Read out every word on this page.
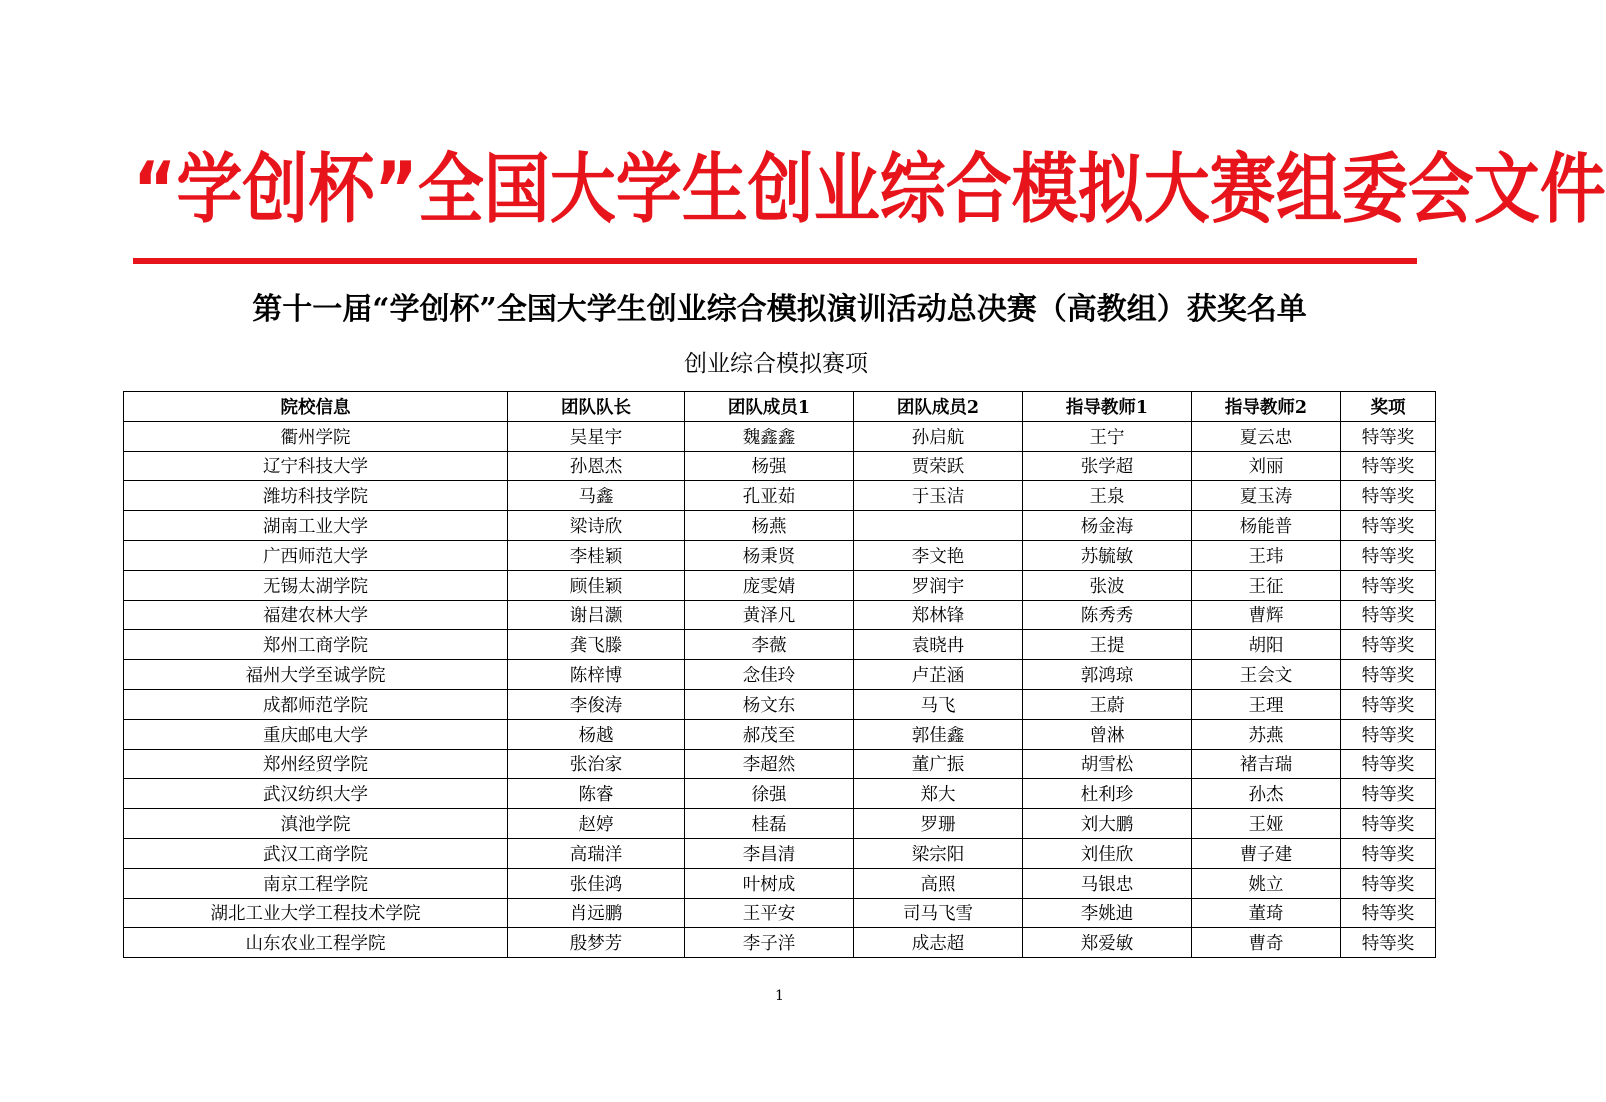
“ 学 创 杯 ” 全 国 大 学 生 创 业 综 合 模 拟 大 赛 组 委 会 文 件
第十一届“学创杯”全国大学生创业综合模拟演训活动总决赛（高教组）获奖名单
创业综合模拟赛项
院校信息	团队队长	团队成员1	团队成员2	指导教师1	指导教师2	奖项
衢州学院	吴星宇	魏鑫鑫	孙启航	王宁	夏云忠	特等奖
辽宁科技大学	孙恩杰	杨强	贾荣跃	张学超	刘丽	特等奖
潍坊科技学院	马鑫	孔亚茹	于玉洁	王泉	夏玉涛	特等奖
湖南工业大学	梁诗欣	杨燕		杨金海	杨能普	特等奖
广西师范大学	李桂颖	杨秉贤	李文艳	苏毓敏	王玮	特等奖
无锡太湖学院	顾佳颖	庞雯婧	罗润宇	张波	王征	特等奖
福建农林大学	谢吕灏	黄泽凡	郑林锋	陈秀秀	曹辉	特等奖
郑州工商学院	龚飞滕	李薇	袁晓冉	王提	胡阳	特等奖
福州大学至诚学院	陈梓博	念佳玲	卢芷涵	郭鸿琼	王会文	特等奖
成都师范学院	李俊涛	杨文东	马飞	王蔚	王理	特等奖
重庆邮电大学	杨越	郝茂至	郭佳鑫	曾淋	苏燕	特等奖
郑州经贸学院	张治家	李超然	董广振	胡雪松	褚吉瑞	特等奖
武汉纺织大学	陈睿	徐强	郑大	杜利珍	孙杰	特等奖
滇池学院	赵婷	桂磊	罗珊	刘大鹏	王娅	特等奖
武汉工商学院	高瑞洋	李昌清	梁宗阳	刘佳欣	曹子建	特等奖
南京工程学院	张佳鸿	叶树成	高照	马银忠	姚立	特等奖
湖北工业大学工程技术学院	肖远鹏	王平安	司马飞雪	李姚迪	董琦	特等奖
山东农业工程学院	殷梦芳	李子洋	成志超	郑爱敏	曹奇	特等奖
1
